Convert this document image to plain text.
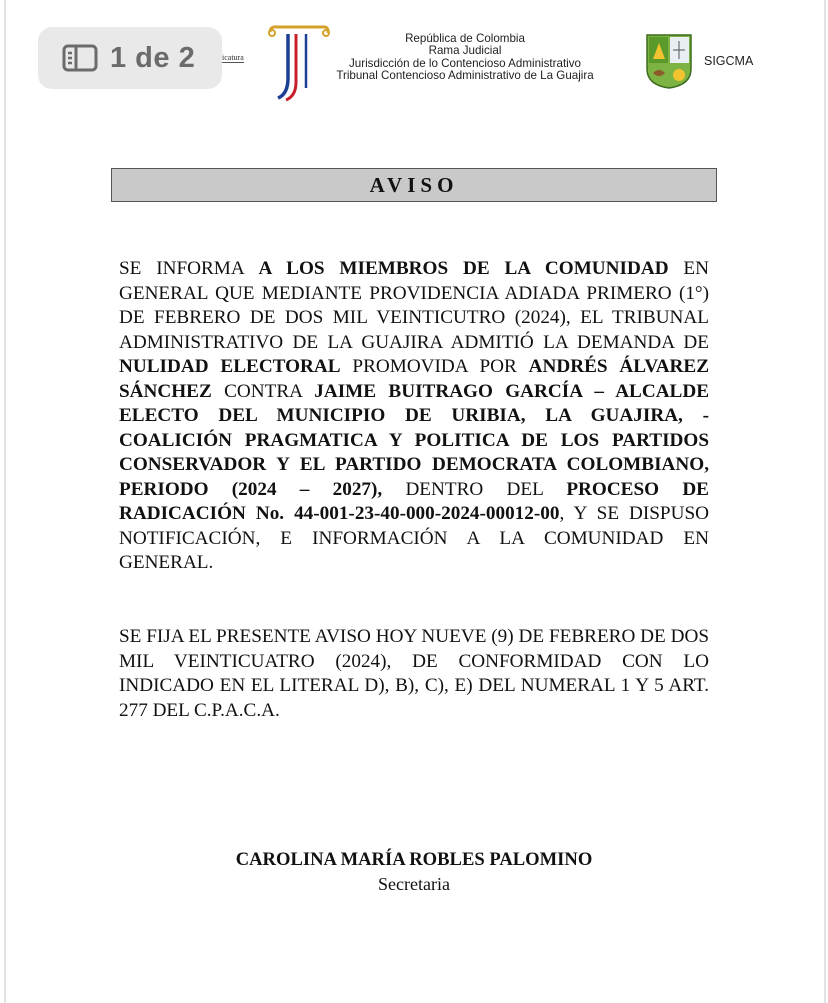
1 de 2	icatura
República de Colombia
Rama Judicial
Jurisdicción de lo Contencioso Administrativo
Tribunal Contencioso Administrativo de La Guajira
SIGCMA
AVISO
SE INFORMA A LOS MIEMBROS DE LA COMUNIDAD EN GENERAL QUE MEDIANTE PROVIDENCIA ADIADA PRIMERO (1°) DE FEBRERO DE DOS MIL VEINTICUTRO (2024), EL TRIBUNAL ADMINISTRATIVO DE LA GUAJIRA ADMITIÓ LA DEMANDA DE NULIDAD ELECTORAL PROMOVIDA POR ANDRÉS ÁLVAREZ SÁNCHEZ CONTRA JAIME BUITRAGO GARCÍA – ALCALDE ELECTO DEL MUNICIPIO DE URIBIA, LA GUAJIRA, - COALICIÓN PRAGMATICA Y POLITICA DE LOS PARTIDOS CONSERVADOR Y EL PARTIDO DEMOCRATA COLOMBIANO, PERIODO (2024 – 2027), DENTRO DEL PROCESO DE RADICACIÓN No. 44-001-23-40-000-2024-00012-00, Y SE DISPUSO NOTIFICACIÓN, E INFORMACIÓN A LA COMUNIDAD EN GENERAL.
SE FIJA EL PRESENTE AVISO HOY NUEVE (9) DE FEBRERO DE DOS MIL VEINTICUATRO (2024), DE CONFORMIDAD CON LO INDICADO EN EL LITERAL D), B), C), E) DEL NUMERAL 1 Y 5 ART. 277 DEL C.P.A.C.A.
CAROLINA MARÍA ROBLES PALOMINO
Secretaria
